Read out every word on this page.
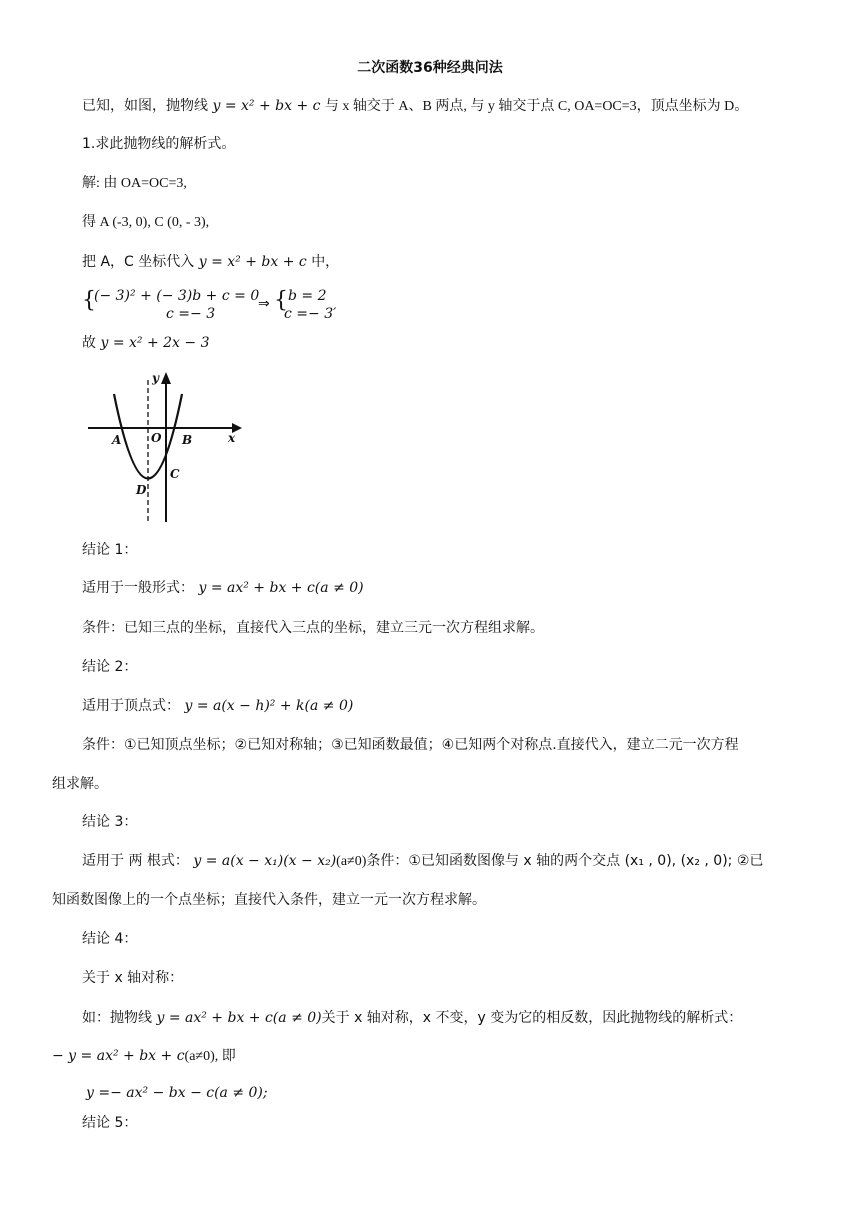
二次函数36种经典问法
已知，如图，抛物线 y = x² + bx + c 与 x 轴交于 A、B 两点, 与 y 轴交于点 C, OA=OC=3，顶点坐标为 D。
1.求此抛物线的解析式。
解: 由 OA=OC=3,
得 A (-3, 0), C (0, - 3),
把 A，C 坐标代入 y = x² + bx + c 中，
{
(− 3)² + (− 3)b + c = 0
c =− 3
⇒ { b = 2
c =− 3′
故 y = x² + 2x − 3
y
x
A O B
C
D
结论 1：
适用于一般形式： y = ax² + bx + c(a ≠ 0)
条件：已知三点的坐标，直接代入三点的坐标，建立三元一次方程组求解。
结论 2：
适用于顶点式： y = a(x − h)² + k(a ≠ 0)
条件：①已知顶点坐标；②已知对称轴；③已知函数最值；④已知两个对称点.直接代入，建立二元一次方程
组求解。
结论 3：
适用于 两 根式： y = a(x − x₁)(x − x₂)(a≠0)条件：①已知函数图像与 x 轴的两个交点 (x₁ , 0), (x₂ , 0); ②已
知函数图像上的一个点坐标；直接代入条件，建立一元一次方程求解。
结论 4：
关于 x 轴对称：
如：抛物线 y = ax² + bx + c(a ≠ 0)关于 x 轴对称，x 不变，y 变为它的相反数，因此抛物线的解析式：
− y = ax² + bx + c(a≠0), 即
y =− ax² − bx − c(a ≠ 0);
结论 5：
